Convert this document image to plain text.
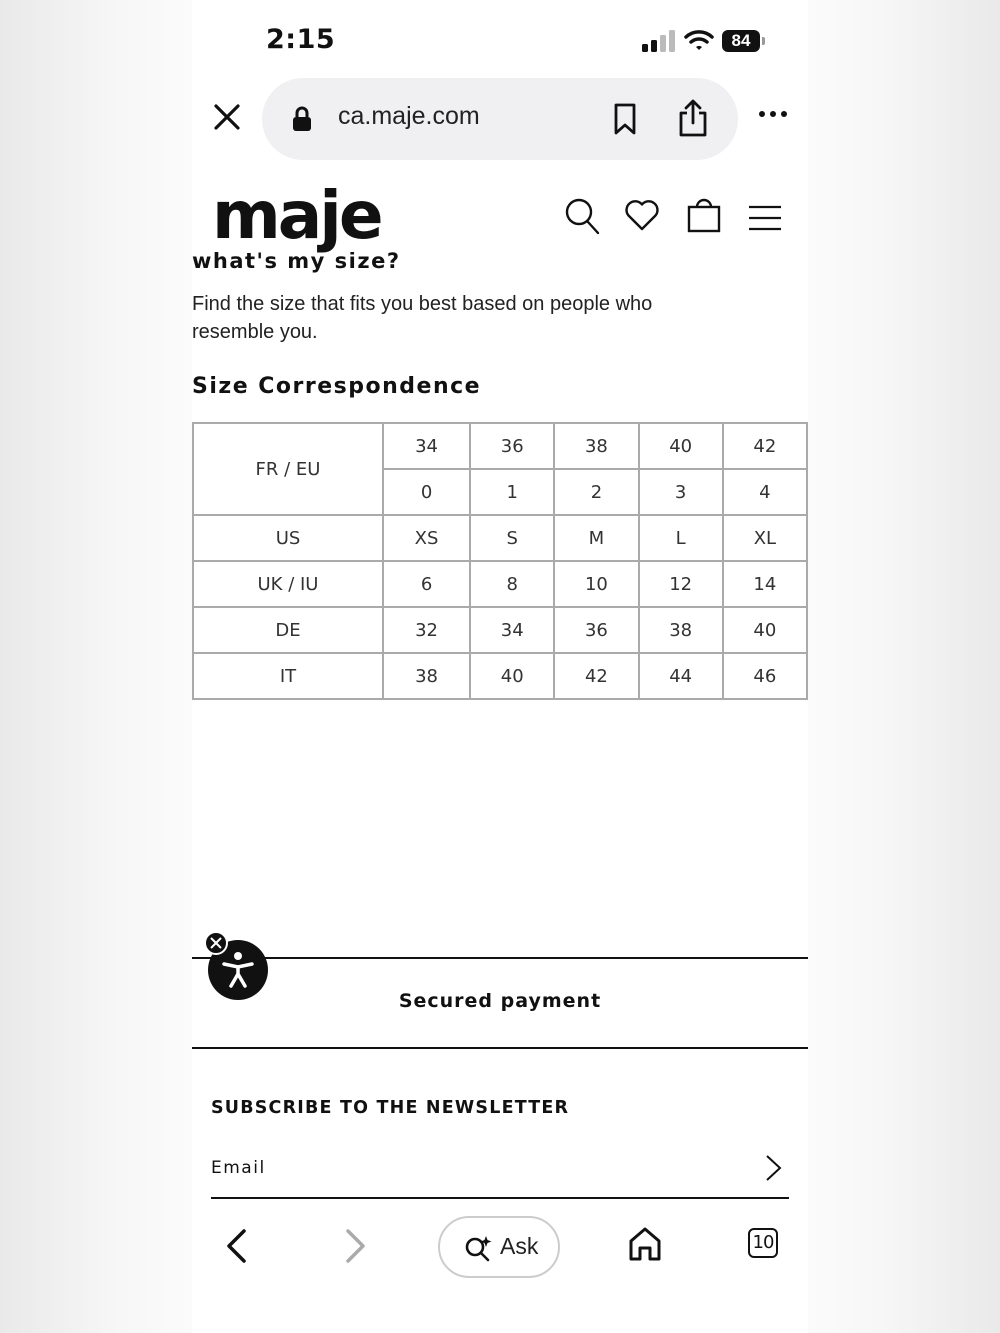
2:15	84
ca.maje.com
maje
what's my size?
Find the size that fits you best based on people who resemble you.
Size Correspondence
FR / EU	34	36	38	40	42
	0	1	2	3	4
US	XS	S	M	L	XL
UK / IU	6	8	10	12	14
DE	32	34	36	38	40
IT	38	40	42	44	46
Secured payment
SUBSCRIBE TO THE NEWSLETTER
Email
Ask	10
